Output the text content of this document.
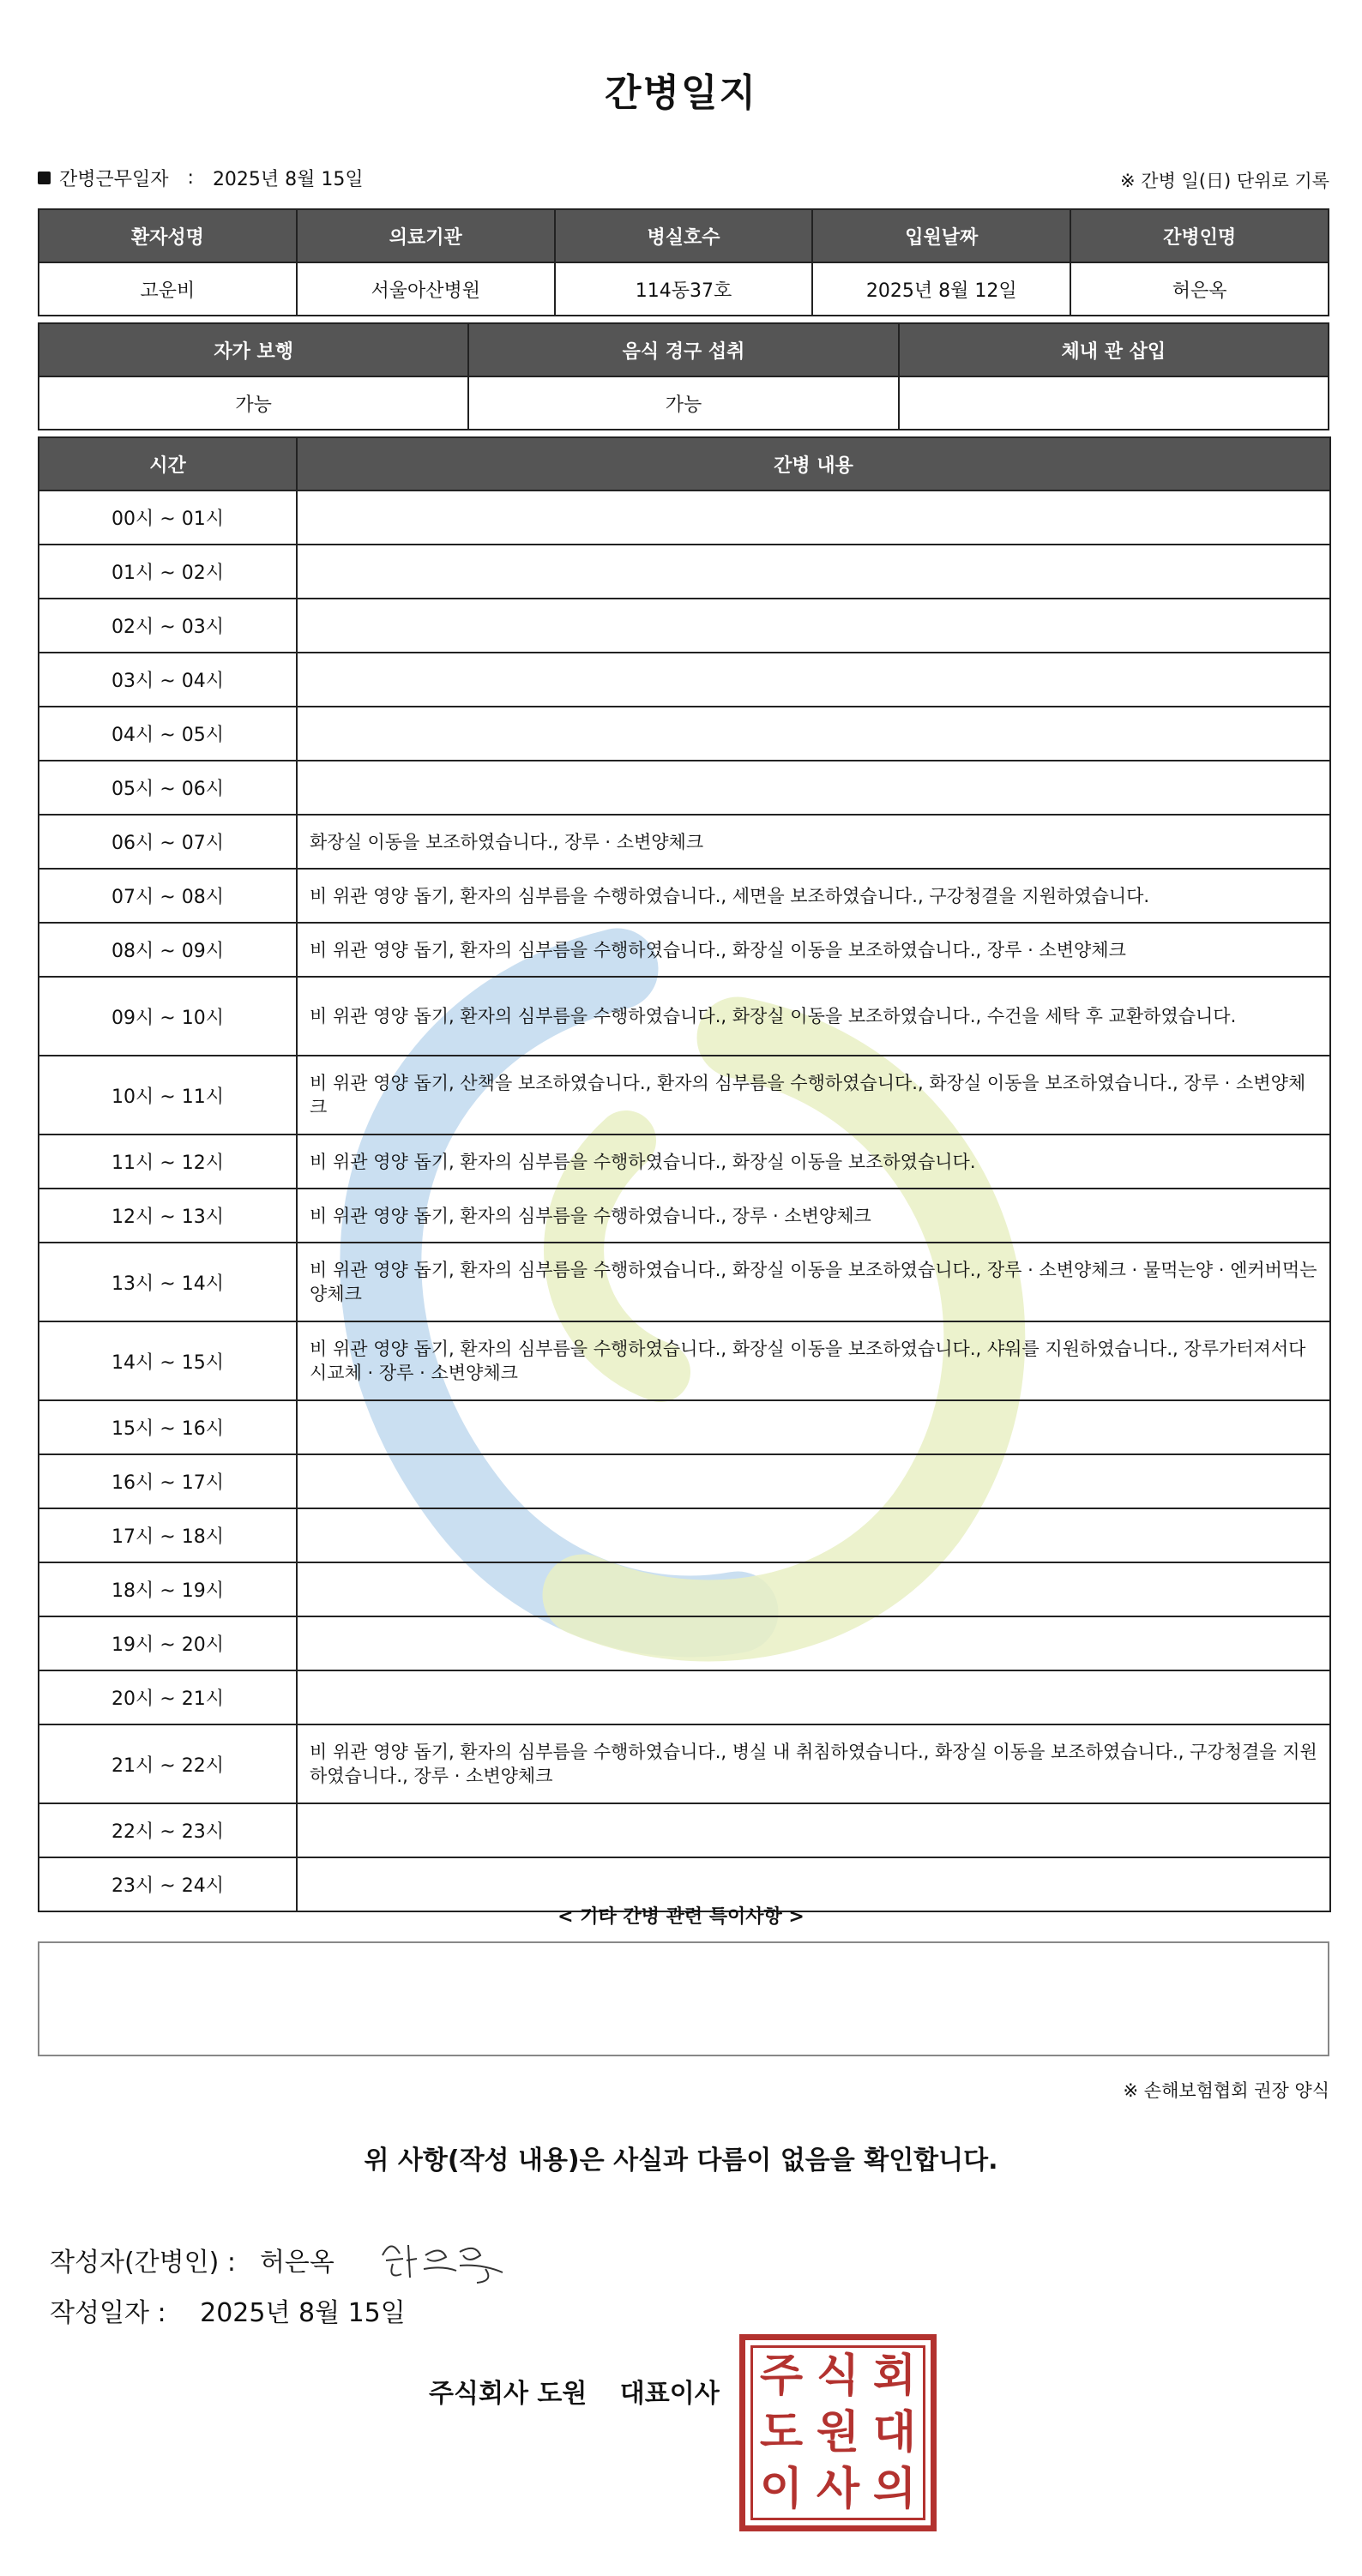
간병일지
간병근무일자 : 2025년 8월 15일	※ 간병 일(日) 단위로 기록
환자성명	의료기관	병실호수	입원날짜	간병인명
고운비	서울아산병원	114동37호	2025년 8월 12일	허은옥
자가 보행	음식 경구 섭취	체내 관 삽입
가능	가능	
시간	간병 내용
00시 ~ 01시	
01시 ~ 02시	
02시 ~ 03시	
03시 ~ 04시	
04시 ~ 05시	
05시 ~ 06시	
06시 ~ 07시	화장실 이동을 보조하였습니다., 장루 · 소변양체크
07시 ~ 08시	비 위관 영양 돕기, 환자의 심부름을 수행하였습니다., 세면을 보조하였습니다., 구강청결을 지원하였습니다.
08시 ~ 09시	비 위관 영양 돕기, 환자의 심부름을 수행하였습니다., 화장실 이동을 보조하였습니다., 장루 · 소변양체크
09시 ~ 10시	비 위관 영양 돕기, 환자의 심부름을 수행하였습니다., 화장실 이동을 보조하였습니다., 수건을 세탁 후 교환하였습니다.
10시 ~ 11시	비 위관 영양 돕기, 산책을 보조하였습니다., 환자의 심부름을 수행하였습니다., 화장실 이동을 보조하였습니다., 장루 · 소변양체크
11시 ~ 12시	비 위관 영양 돕기, 환자의 심부름을 수행하였습니다., 화장실 이동을 보조하였습니다.
12시 ~ 13시	비 위관 영양 돕기, 환자의 심부름을 수행하였습니다., 장루 · 소변양체크
13시 ~ 14시	비 위관 영양 돕기, 환자의 심부름을 수행하였습니다., 화장실 이동을 보조하였습니다., 장루 · 소변양체크 · 물먹는양 · 엔커버먹는양체크
14시 ~ 15시	비 위관 영양 돕기, 환자의 심부름을 수행하였습니다., 화장실 이동을 보조하였습니다., 샤워를 지원하였습니다., 장루가터져서다시교체 · 장루 · 소변양체크
15시 ~ 16시	
16시 ~ 17시	
17시 ~ 18시	
18시 ~ 19시	
19시 ~ 20시	
20시 ~ 21시	
21시 ~ 22시	비 위관 영양 돕기, 환자의 심부름을 수행하였습니다., 병실 내 취침하였습니다., 화장실 이동을 보조하였습니다., 구강청결을 지원하였습니다., 장루 · 소변양체크
22시 ~ 23시	
23시 ~ 24시	
< 기타 간병 관련 특이사항 >
※ 손해보험협회 권장 양식
위 사항(작성 내용)은 사실과 다름이 없음을 확인합니다.
작성자(간병인) : 허은옥
작성일자 : 2025년 8월 15일
주식회사 도원 대표이사 주 식 회
도 원 대
이 사 의
